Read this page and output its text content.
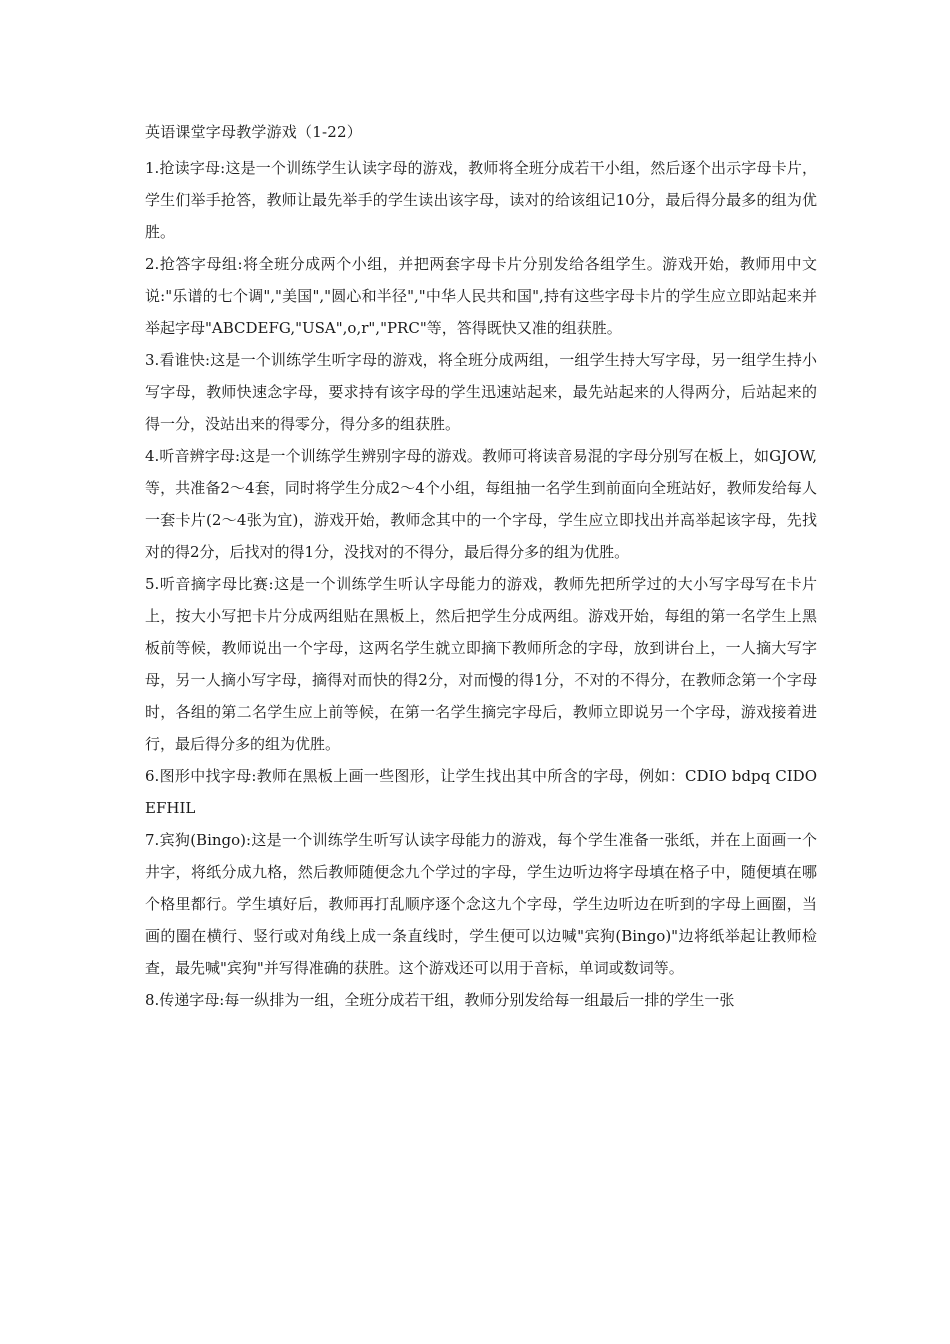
英语课堂字母教学游戏（1-22）

1.抢读字母:这是一个训练学生认读字母的游戏，教师将全班分成若干小组，然后逐个出示字母卡片，学生们举手抢答，教师让最先举手的学生读出该字母，读对的给该组记10分，最后得分最多的组为优胜。

2.抢答字母组:将全班分成两个小组，并把两套字母卡片分别发给各组学生。游戏开始，教师用中文说:"乐谱的七个调","美国","圆心和半径","中华人民共和国",持有这些字母卡片的学生应立即站起来并举起字母"ABCDEFG,"USA",o,r","PRC"等，答得既快又准的组获胜。

3.看谁快:这是一个训练学生听字母的游戏，将全班分成两组，一组学生持大写字母，另一组学生持小写字母，教师快速念字母，要求持有该字母的学生迅速站起来，最先站起来的人得两分，后站起来的得一分，没站出来的得零分，得分多的组获胜。

4.听音辨字母:这是一个训练学生辨别字母的游戏。教师可将读音易混的字母分别写在板上，如GJOW,等，共准备2～4套，同时将学生分成2～4个小组，每组抽一名学生到前面向全班站好，教师发给每人一套卡片(2～4张为宜)，游戏开始，教师念其中的一个字母，学生应立即找出并高举起该字母，先找对的得2分，后找对的得1分，没找对的不得分，最后得分多的组为优胜。

5.听音摘字母比赛:这是一个训练学生听认字母能力的游戏，教师先把所学过的大小写字母写在卡片上，按大小写把卡片分成两组贴在黑板上，然后把学生分成两组。游戏开始，每组的第一名学生上黑板前等候，教师说出一个字母，这两名学生就立即摘下教师所念的字母，放到讲台上，一人摘大写字母，另一人摘小写字母，摘得对而快的得2分，对而慢的得1分，不对的不得分，在教师念第一个字母时，各组的第二名学生应上前等候，在第一名学生摘完字母后，教师立即说另一个字母，游戏接着进行，最后得分多的组为优胜。

6.图形中找字母:教师在黑板上画一些图形，让学生找出其中所含的字母，例如：CDIO bdpq CIDO EFHIL

7.宾狗(Bingo):这是一个训练学生听写认读字母能力的游戏，每个学生准备一张纸，并在上面画一个井字，将纸分成九格，然后教师随便念九个学过的字母，学生边听边将字母填在格子中，随便填在哪个格里都行。学生填好后，教师再打乱顺序逐个念这九个字母，学生边听边在听到的字母上画圈，当画的圈在横行、竖行或对角线上成一条直线时，学生便可以边喊"宾狗(Bingo)"边将纸举起让教师检查，最先喊"宾狗"并写得准确的获胜。这个游戏还可以用于音标，单词或数词等。

8.传递字母:每一纵排为一组，全班分成若干组，教师分别发给每一组最后一排的学生一张
